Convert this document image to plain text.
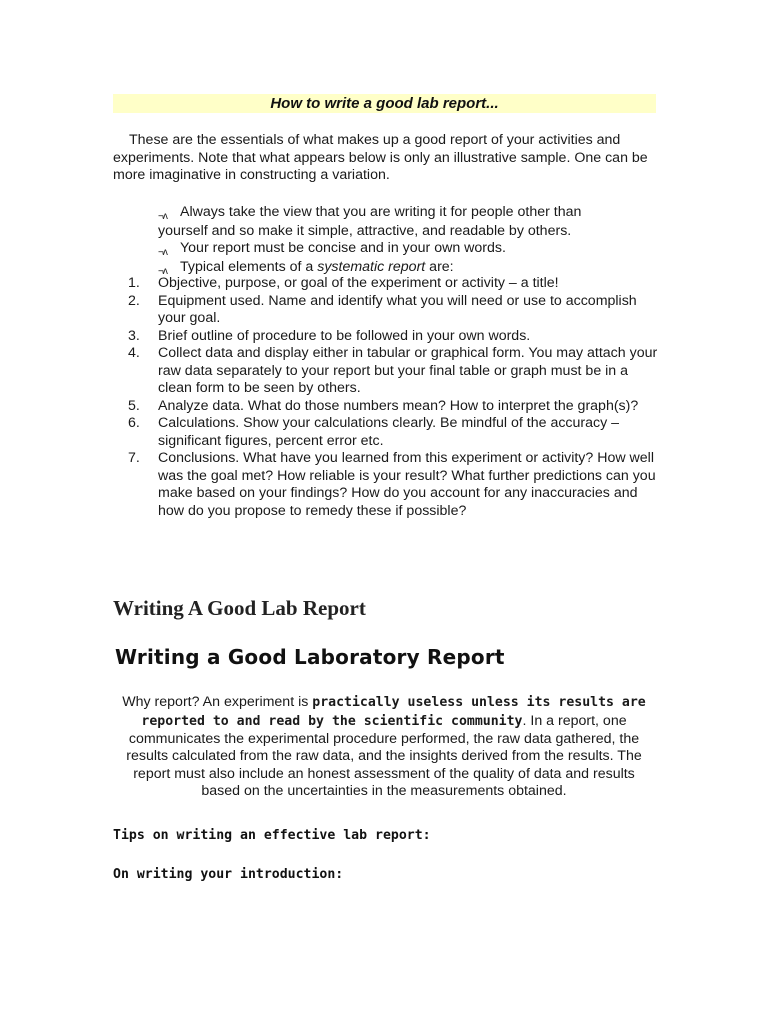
How to write a good lab report...

These are the essentials of what makes up a good report of your activities and experiments. Note that what appears below is only an illustrative sample. One can be more imaginative in constructing a variation.

¬ʌ Always take the view that you are writing it for people other than

yourself and so make it simple, attractive, and readable by others.

¬ʌ Your report must be concise and in your own words.

¬ʌ Typical elements of a systematic report are:

1.	Objective, purpose, or goal of the experiment or activity – a title!
2.	Equipment used. Name and identify what you will need or use to accomplish your goal.
3.	Brief outline of procedure to be followed in your own words.
4.	Collect data and display either in tabular or graphical form. You may attach your raw data separately to your report but your final table or graph must be in a clean form to be seen by others.
5.	Analyze data. What do those numbers mean? How to interpret the graph(s)?
6.	Calculations. Show your calculations clearly. Be mindful of the accuracy – significant figures, percent error etc.
7.	Conclusions. What have you learned from this experiment or activity? How well was the goal met? How reliable is your result? What further predictions can you make based on your findings? How do you account for any inaccuracies and how do you propose to remedy these if possible?
Writing A Good Lab Report
Writing a Good Laboratory Report

Why report? An experiment is practically useless unless its results are reported to and read by the scientific community. In a report, one communicates the experimental procedure performed, the raw data gathered, the results calculated from the raw data, and the insights derived from the results. The report must also include an honest assessment of the quality of data and results based on the uncertainties in the measurements obtained.

Tips on writing an effective lab report:

On writing your introduction:
